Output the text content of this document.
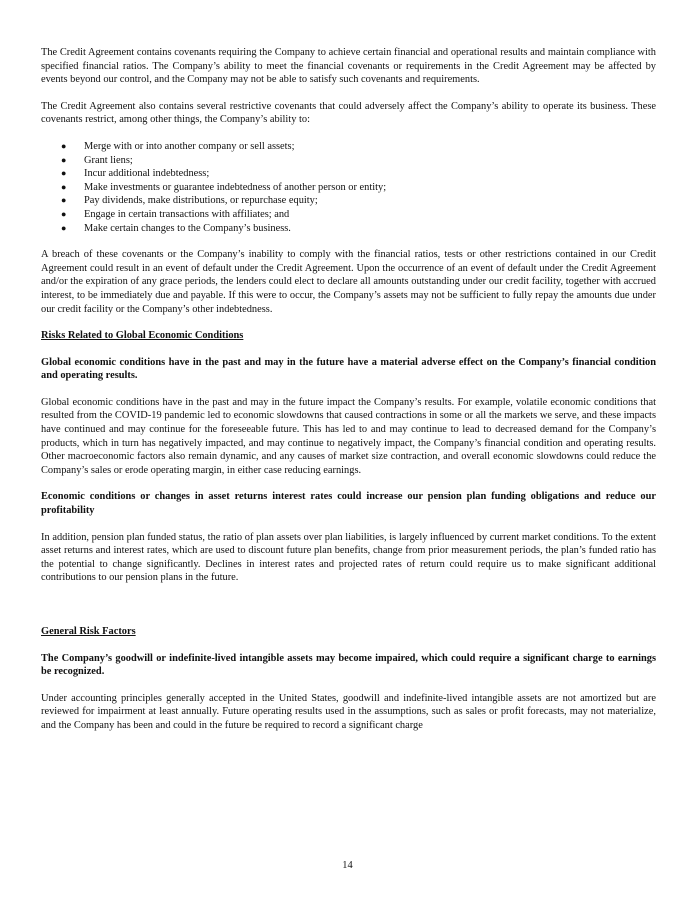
The Credit Agreement contains covenants requiring the Company to achieve certain financial and operational results and maintain compliance with specified financial ratios. The Company’s ability to meet the financial covenants or requirements in the Credit Agreement may be affected by events beyond our control, and the Company may not be able to satisfy such covenants and requirements.

The Credit Agreement also contains several restrictive covenants that could adversely affect the Company’s ability to operate its business. These covenants restrict, among other things, the Company’s ability to:

● Merge with or into another company or sell assets;
● Grant liens;
● Incur additional indebtedness;
● Make investments or guarantee indebtedness of another person or entity;
● Pay dividends, make distributions, or repurchase equity;
● Engage in certain transactions with affiliates; and
● Make certain changes to the Company’s business.

A breach of these covenants or the Company’s inability to comply with the financial ratios, tests or other restrictions contained in our Credit Agreement could result in an event of default under the Credit Agreement. Upon the occurrence of an event of default under the Credit Agreement and/or the expiration of any grace periods, the lenders could elect to declare all amounts outstanding under our credit facility, together with accrued interest, to be immediately due and payable. If this were to occur, the Company’s assets may not be sufficient to fully repay the amounts due under our credit facility or the Company’s other indebtedness.

Risks Related to Global Economic Conditions

Global economic conditions have in the past and may in the future have a material adverse effect on the Company’s financial condition and operating results.

Global economic conditions have in the past and may in the future impact the Company’s results. For example, volatile economic conditions that resulted from the COVID-19 pandemic led to economic slowdowns that caused contractions in some or all the markets we serve, and these impacts have continued and may continue for the foreseeable future. This has led to and may continue to lead to decreased demand for the Company’s products, which in turn has negatively impacted, and may continue to negatively impact, the Company’s financial condition and operating results. Other macroeconomic factors also remain dynamic, and any causes of market size contraction, and overall economic slowdowns could reduce the Company’s sales or erode operating margin, in either case reducing earnings.

Economic conditions or changes in asset returns interest rates could increase our pension plan funding obligations and reduce our profitability

In addition, pension plan funded status, the ratio of plan assets over plan liabilities, is largely influenced by current market conditions. To the extent asset returns and interest rates, which are used to discount future plan benefits, change from prior measurement periods, the plan’s funded ratio has the potential to change significantly. Declines in interest rates and projected rates of return could require us to make significant additional contributions to our pension plans in the future.

General Risk Factors

The Company’s goodwill or indefinite-lived intangible assets may become impaired, which could require a significant charge to earnings be recognized.

Under accounting principles generally accepted in the United States, goodwill and indefinite-lived intangible assets are not amortized but are reviewed for impairment at least annually. Future operating results used in the assumptions, such as sales or profit forecasts, may not materialize, and the Company has been and could in the future be required to record a significant charge

14
